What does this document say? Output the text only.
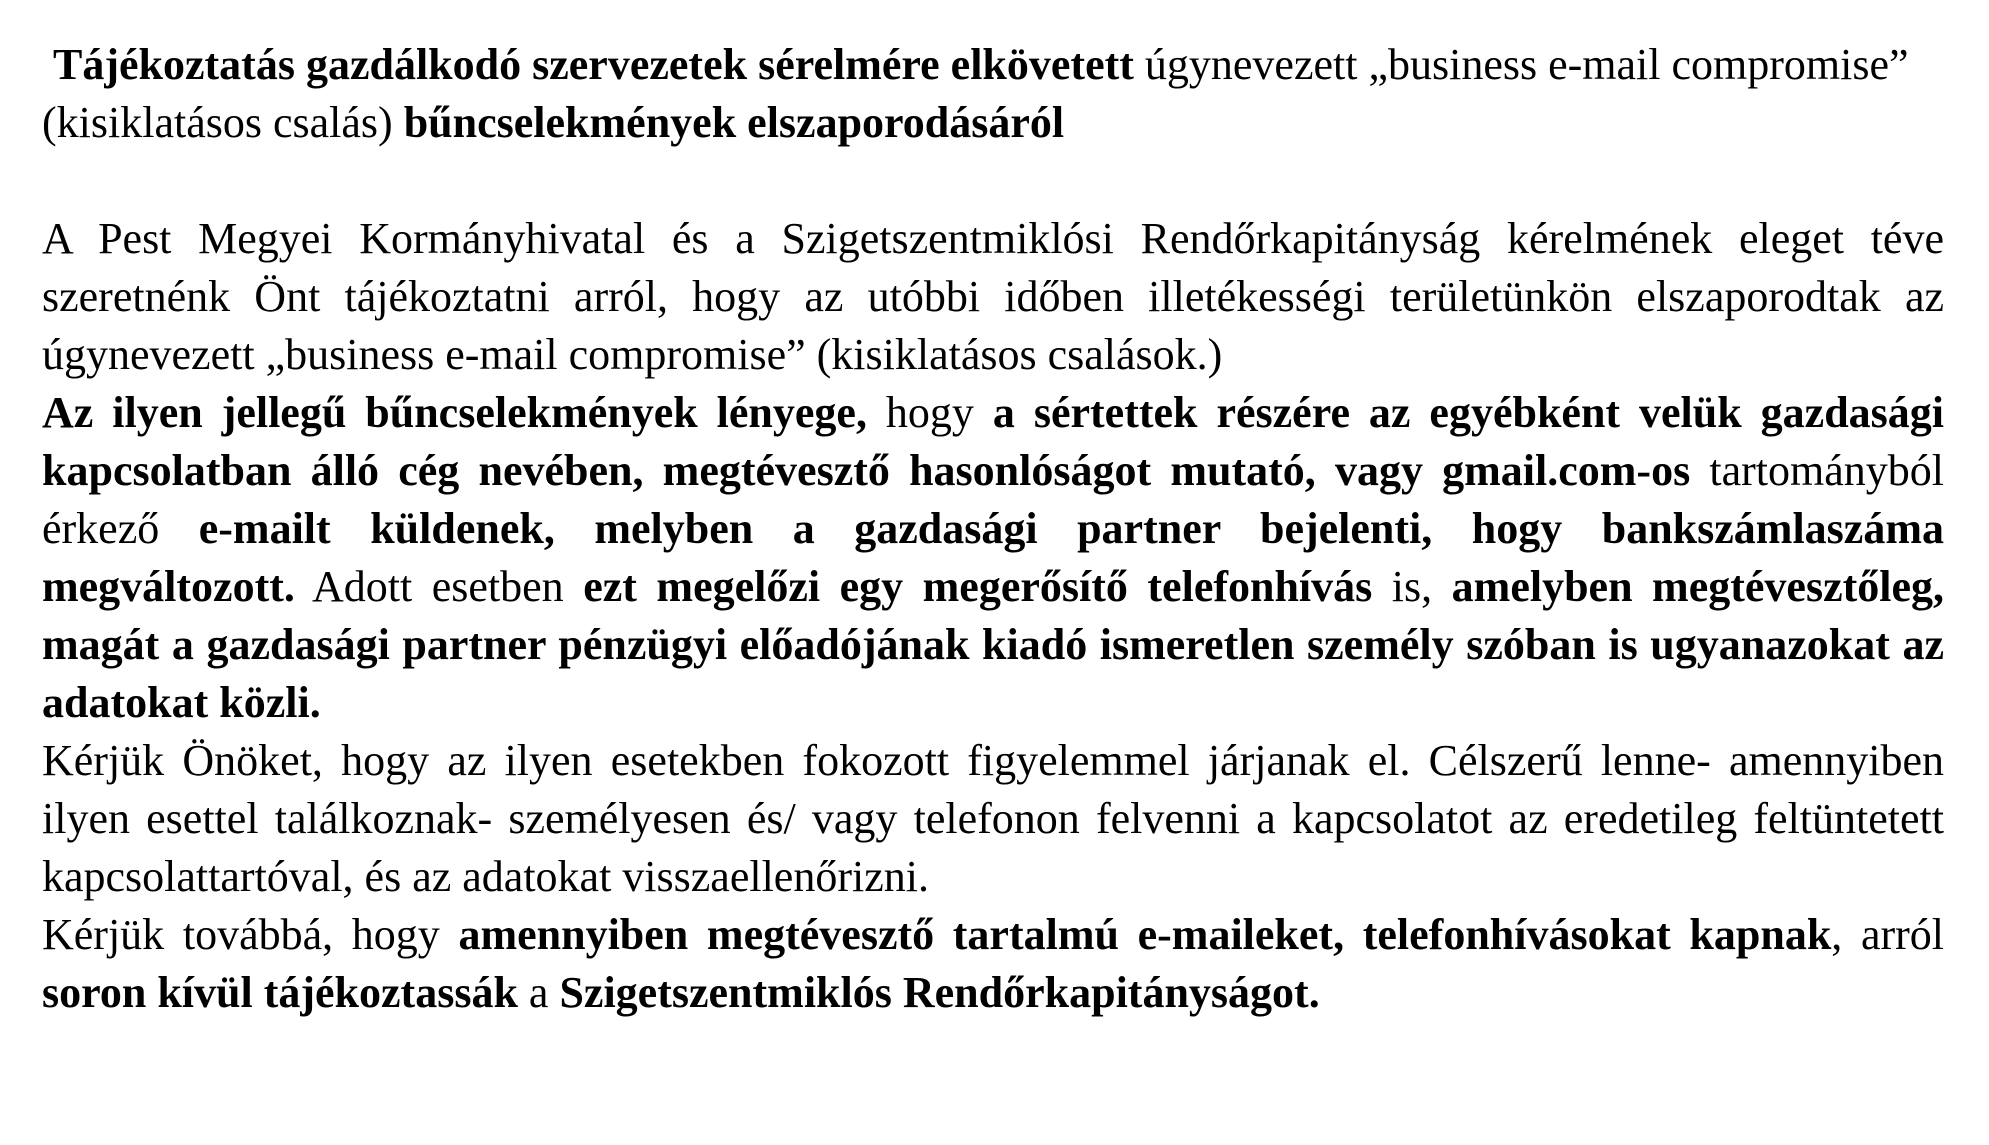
Tájékoztatás gazdálkodó szervezetek sérelmére elkövetett úgynevezett „business e-mail compromise” (kisiklatásos csalás) bűncselekmények elszaporodásáról

A Pest Megyei Kormányhivatal és a Szigetszentmiklósi Rendőrkapitányság kérelmének eleget téve szeretnénk Önt tájékoztatni arról, hogy az utóbbi időben illetékességi területünkön elszaporodtak az úgynevezett „business e-mail compromise” (kisiklatásos csalások.)

Az ilyen jellegű bűncselekmények lényege, hogy a sértettek részére az egyébként velük gazdasági kapcsolatban álló cég nevében, megtévesztő hasonlóságot mutató, vagy gmail.com-os tartományból érkező e-mailt küldenek, melyben a gazdasági partner bejelenti, hogy bankszámlaszáma megváltozott. Adott esetben ezt megelőzi egy megerősítő telefonhívás is, amelyben megtévesztőleg, magát a gazdasági partner pénzügyi előadójának kiadó ismeretlen személy szóban is ugyanazokat az adatokat közli.

Kérjük Önöket, hogy az ilyen esetekben fokozott figyelemmel járjanak el. Célszerű lenne- amennyiben ilyen esettel találkoznak- személyesen és/ vagy telefonon felvenni a kapcsolatot az eredetileg feltüntetett kapcsolattartóval, és az adatokat visszaellenőrizni.

Kérjük továbbá, hogy amennyiben megtévesztő tartalmú e-maileket, telefonhívásokat kapnak, arról soron kívül tájékoztassák a Szigetszentmiklós Rendőrkapitányságot.
